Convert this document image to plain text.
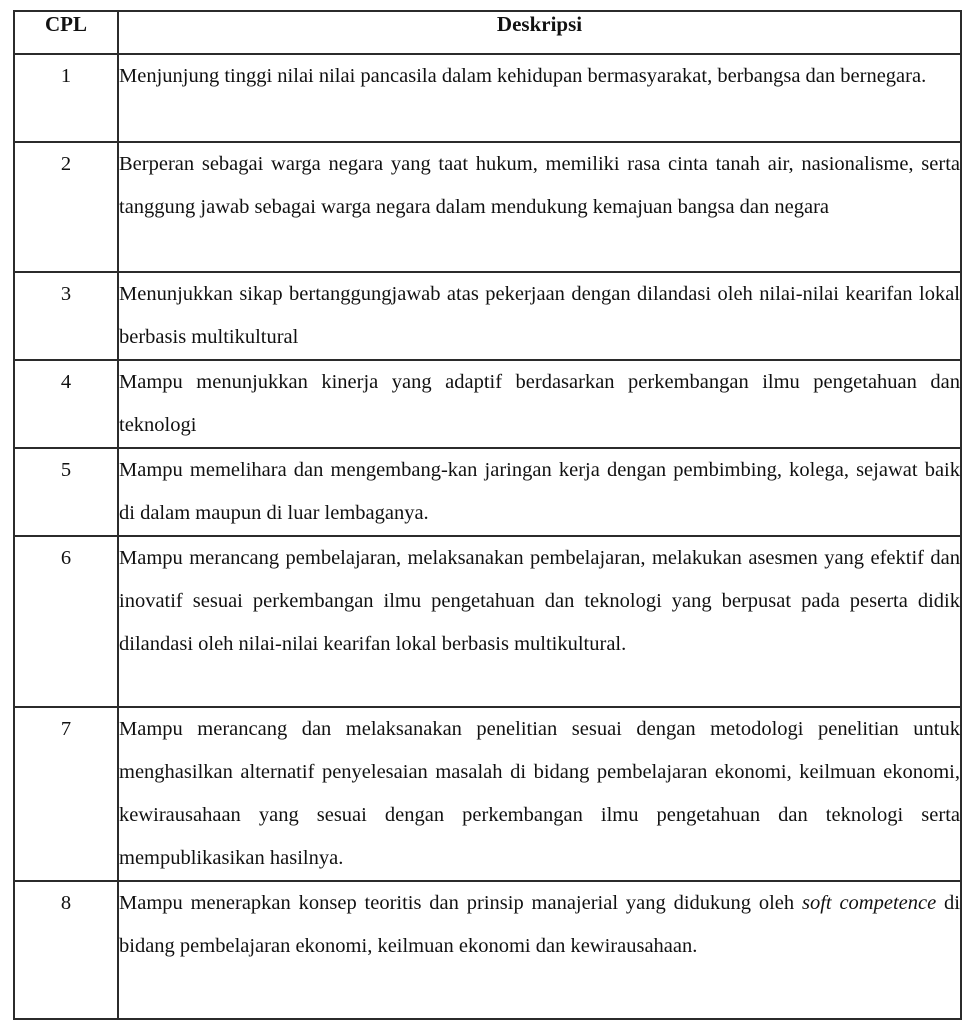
CPL	Deskripsi
1	Menjunjung tinggi nilai nilai pancasila dalam kehidupan bermasyarakat, berbangsa dan bernegara.
2	Berperan sebagai warga negara yang taat hukum, memiliki rasa cinta tanah air, nasionalisme, serta tanggung jawab sebagai warga negara dalam mendukung kemajuan bangsa dan negara
3	Menunjukkan sikap bertanggungjawab atas pekerjaan dengan dilandasi oleh nilai-nilai kearifan lokal berbasis multikultural
4	Mampu menunjukkan kinerja yang adaptif berdasarkan perkembangan ilmu pengetahuan dan teknologi
5	Mampu memelihara dan mengembang-kan jaringan kerja dengan pembimbing, kolega, sejawat baik di dalam maupun di luar lembaganya.
6	Mampu merancang pembelajaran, melaksanakan pembelajaran, melakukan asesmen yang efektif dan inovatif sesuai perkembangan ilmu pengetahuan dan teknologi yang berpusat pada peserta didik dilandasi oleh nilai-nilai kearifan lokal berbasis multikultural.
7	Mampu merancang dan melaksanakan penelitian sesuai dengan metodologi penelitian untuk menghasilkan alternatif penyelesaian masalah di bidang pembelajaran ekonomi, keilmuan ekonomi, kewirausahaan yang sesuai dengan perkembangan ilmu pengetahuan dan teknologi serta mempublikasikan hasilnya.
8	Mampu menerapkan konsep teoritis dan prinsip manajerial yang didukung oleh soft competence di bidang pembelajaran ekonomi, keilmuan ekonomi dan kewirausahaan.
